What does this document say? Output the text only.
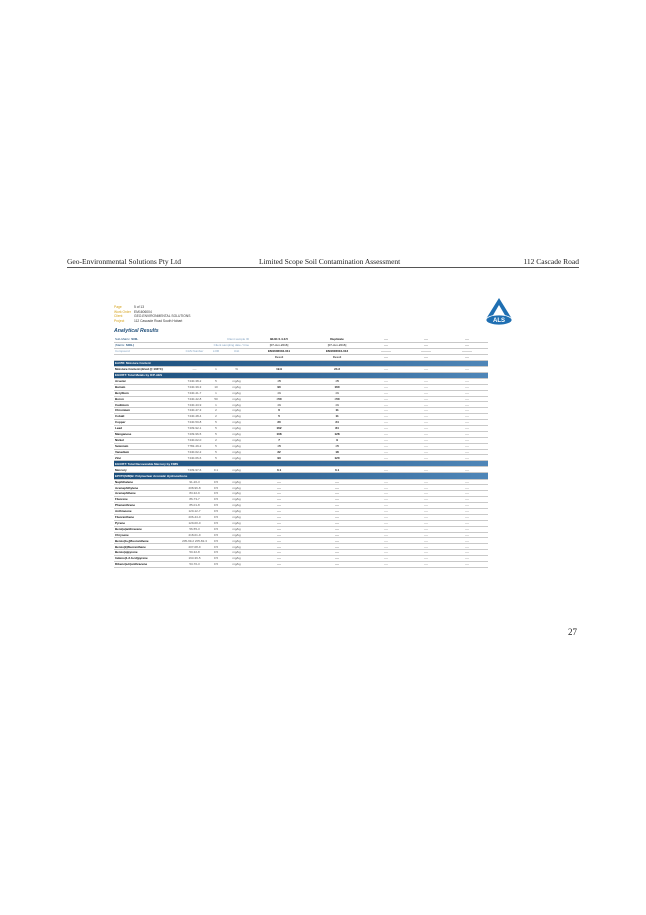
Geo-Environmental Solutions Pty Ltd	Limited Scope Soil Contamination Assessment	112 Cascade Road
Page	5 of 13
Work Order EM1606004
Client	GEO-ENVIRONMENTAL SOLUTIONS
Project	112 Cascade Road South Hobart	ALS
Analytical Results
Sub-Matrix: SOIL		Client sample ID		BH11 0.4-0.5	Duplicate	----	----	----
(Matrix: SOIL)		Client sampling date / time		[07-Jun-2016]	[07-Jun-2016]	----	----	----
Compound	CAS Number	LOR	Unit	EM1606004-011	EM1606004-012	----------	----------	----------
				Result	Result	----	----	----
EA055: Moisture Content								
Moisture Content (dried @ 103°C)	----	1	%	19.9	24.3	----	----	----
EG005T: Total Metals by ICP-AES								
Arsenic	7440-38-2	5	mg/kg	<5	<5	----	----	----
Barium	7440-39-3	10	mg/kg	90	160	----	----	----
Beryllium	7440-41-7	1	mg/kg	<1	<1	----	----	----
Boron	7440-42-8	50	mg/kg	<50	<50	----	----	----
Cadmium	7440-43-9	1	mg/kg	<1	<1	----	----	----
Chromium	7440-47-3	2	mg/kg	6	11	----	----	----
Cobalt	7440-48-4	2	mg/kg	5	11	----	----	----
Copper	7440-50-8	5	mg/kg	20	24	----	----	----
Lead	7439-92-1	5	mg/kg	162	84	----	----	----
Manganese	7439-96-5	5	mg/kg	108	128	----	----	----
Nickel	7440-02-0	2	mg/kg	7	9	----	----	----
Selenium	7782-49-2	5	mg/kg	<5	<5	----	----	----
Vanadium	7440-62-2	5	mg/kg	22	18	----	----	----
Zinc	7440-66-6	5	mg/kg	93	120	----	----	----
EG035T: Total Recoverable Mercury by FIMS								
Mercury	7439-97-6	0.1	mg/kg	0.1	0.1	----	----	----
EP075(SIM)B: Polynuclear Aromatic Hydrocarbons								
Naphthalene	91-20-3	0.5	mg/kg	----	----	----	----	----
Acenaphthylene	208-96-8	0.5	mg/kg	----	----	----	----	----
Acenaphthene	83-32-9	0.5	mg/kg	----	----	----	----	----
Fluorene	86-73-7	0.5	mg/kg	----	----	----	----	----
Phenanthrene	85-01-8	0.5	mg/kg	----	----	----	----	----
Anthracene	120-12-7	0.5	mg/kg	----	----	----	----	----
Fluoranthene	206-44-0	0.5	mg/kg	----	----	----	----	----
Pyrene	129-00-0	0.5	mg/kg	----	----	----	----	----
Benz(a)anthracene	56-55-3	0.5	mg/kg	----	----	----	----	----
Chrysene	218-01-9	0.5	mg/kg	----	----	----	----	----
Benzo(b+j)fluoranthene	205-99-2 205-82-3	0.5	mg/kg	----	----	----	----	----
Benzo(k)fluoranthene	207-08-9	0.5	mg/kg	----	----	----	----	----
Benzo(a)pyrene	50-32-8	0.5	mg/kg	----	----	----	----	----
Indeno(1.2.3.cd)pyrene	193-39-5	0.5	mg/kg	----	----	----	----	----
Dibenz(a.h)anthracene	53-70-3	0.5	mg/kg	----	----	----	----	----
27
